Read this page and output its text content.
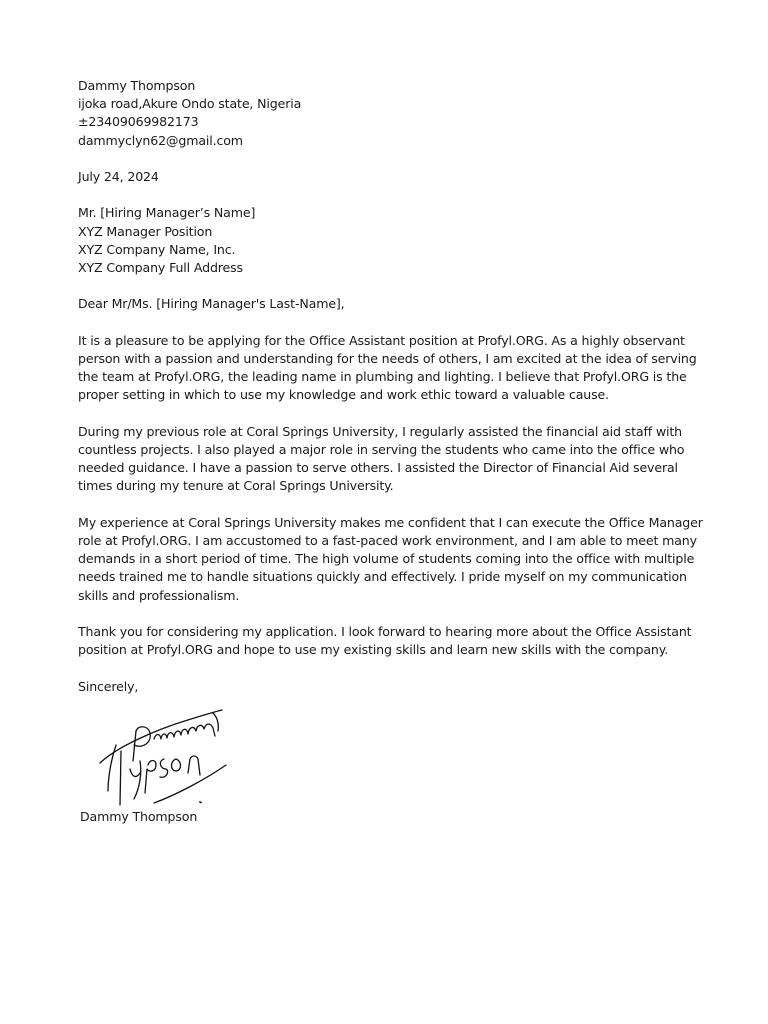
Dammy Thompson
ijoka road,Akure Ondo state, Nigeria
±23409069982173
dammyclyn62@gmail.com
July 24, 2024
Mr. [Hiring Manager’s Name]
XYZ Manager Position
XYZ Company Name, Inc.
XYZ Company Full Address
Dear Mr/Ms. [Hiring Manager's Last-Name],
It is a pleasure to be applying for the Office Assistant position at Profyl.ORG. As a highly observant
person with a passion and understanding for the needs of others, I am excited at the idea of serving
the team at Profyl.ORG, the leading name in plumbing and lighting. I believe that Profyl.ORG is the
proper setting in which to use my knowledge and work ethic toward a valuable cause.
During my previous role at Coral Springs University, I regularly assisted the financial aid staff with
countless projects. I also played a major role in serving the students who came into the office who
needed guidance. I have a passion to serve others. I assisted the Director of Financial Aid several
times during my tenure at Coral Springs University.
My experience at Coral Springs University makes me confident that I can execute the Office Manager
role at Profyl.ORG. I am accustomed to a fast-paced work environment, and I am able to meet many
demands in a short period of time. The high volume of students coming into the office with multiple
needs trained me to handle situations quickly and effectively. I pride myself on my communication
skills and professionalism.
Thank you for considering my application. I look forward to hearing more about the Office Assistant
position at Profyl.ORG and hope to use my existing skills and learn new skills with the company.
Sincerely,
Dammy Thompson
